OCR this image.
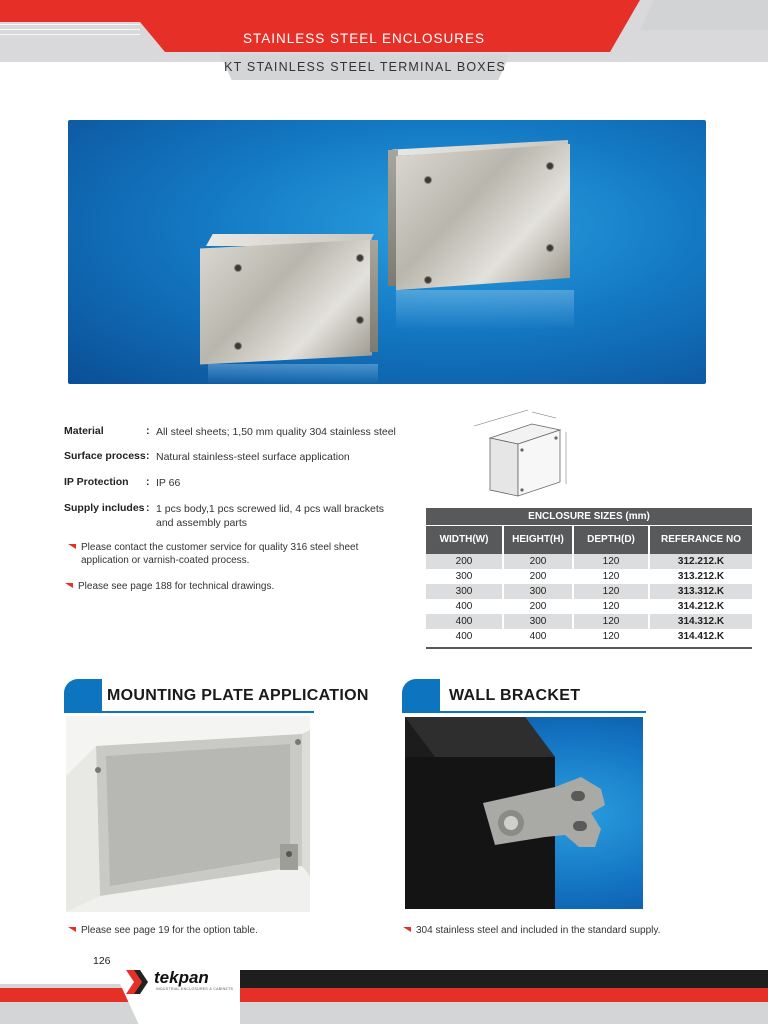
STAINLESS STEEL ENCLOSURES
KT STAINLESS STEEL TERMINAL BOXES
Material	: All steel sheets; 1,50 mm quality 304 stainless steel
Surface process : Natural stainless-steel surface application
IP Protection	: IP 66
Supply includes : 1 pcs body,1 pcs screwed lid, 4 pcs wall brackets and assembly parts
Please contact the customer service for quality 316 steel sheet application or varnish-coated process.
Please see page 188 for technical drawings.
ENCLOSURE SIZES (mm)
WIDTH(W)	HEIGHT(H)	DEPTH(D)	REFERANCE NO
200	200	120	312.212.K
300	200	120	313.212.K
300	300	120	313.312.K
400	200	120	314.212.K
400	300	120	314.312.K
400	400	120	314.412.K
MOUNTING PLATE APPLICATION
Please see page 19 for the option table.
WALL BRACKET
304 stainless steel and included in the standard supply.
126
tekpan
INDUSTRIAL ENCLOSURES & CABINETS
